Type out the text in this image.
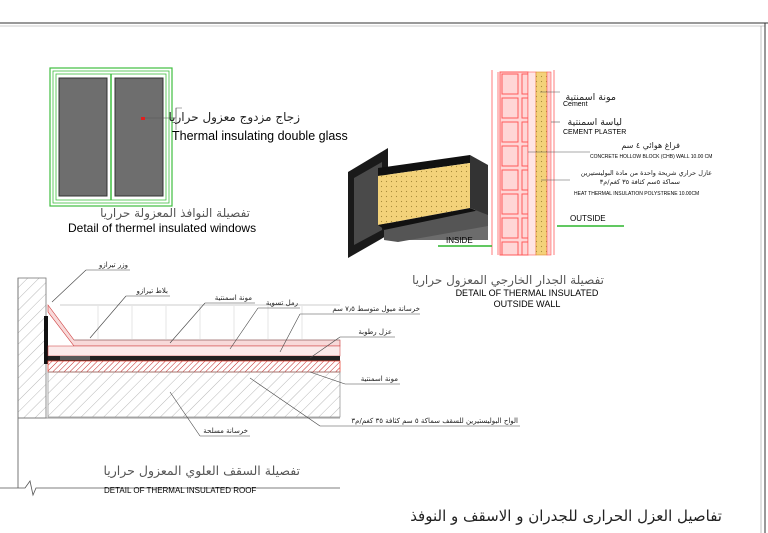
زجاج مزدوج معزول حراريا
Thermal insulating double glass
تفصيلة النوافذ المعزولة حراريا
Detail of thermel insulated windows
مونة اسمنتية
Cement
لياسة اسمنتية
CEMENT PLASTER
فراغ هوائي ٤ سم
CONCRETE HOLLOW BLOCK (CHB) WALL 10.00 CM
عازل حراري شريحة واحدة من مادة البوليستيرين
سماكة ٥سم كثافة ٣٥ كغم/م٣
HEAT THERMAL INSULATION POLYSTRENE 10.00CM
OUTSIDE
INSIDE
تفصيلة الجدار الخارجي المعزول حراريا
DETAIL OF THERMAL INSULATED
OUTSIDE WALL
وزر تيرازو
بلاط تيرازو
مونة اسمنتية
رمل تسوية
خرسانة ميول متوسط ٧٫٥ سم
عزل رطوبة
مونة اسمنتية
الواح البوليستيرين للسقف سماكة ٥ سم كثافة ٣٥ كغم/م٣
خرسانة مسلحة
تفصيلة السقف العلوي المعزول حراريا
DETAIL OF THERMAL INSULATED ROOF
تفاصيل العزل الحرارى للجدران و الاسقف و النوفذ
